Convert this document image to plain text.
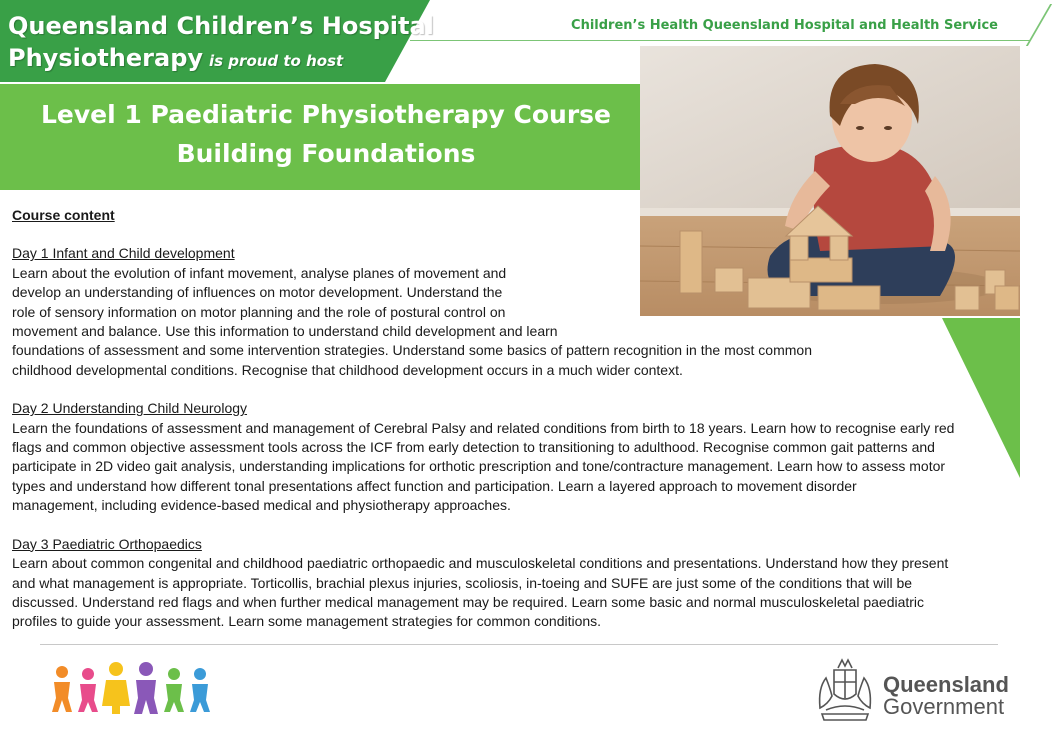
Queensland Children’s Hospital
Physiotherapy is proud to host
Children’s Health Queensland Hospital and Health Service
Level 1 Paediatric Physiotherapy Course
Building Foundations
Course content
Day 1 Infant and Child development
Learn about the evolution of infant movement, analyse planes of movement and
develop an understanding of influences on motor development. Understand the
role of sensory information on motor planning and the role of postural control on
movement and balance. Use this information to understand child development and learn
foundations of assessment and some intervention strategies. Understand some basics of pattern recognition in the most common
childhood developmental conditions. Recognise that childhood development occurs in a much wider context.
Day 2 Understanding Child Neurology
Learn the foundations of assessment and management of Cerebral Palsy and related conditions from birth to 18 years. Learn how to recognise early red
flags and common objective assessment tools across the ICF from early detection to transitioning to adulthood. Recognise common gait patterns and
participate in 2D video gait analysis, understanding implications for orthotic prescription and tone/contracture management. Learn how to assess motor
types and understand how different tonal presentations affect function and participation. Learn a layered approach to movement disorder
management, including evidence-based medical and physiotherapy approaches.
Day 3 Paediatric Orthopaedics
Learn about common congenital and childhood paediatric orthopaedic and musculoskeletal conditions and presentations. Understand how they present
and what management is appropriate. Torticollis, brachial plexus injuries, scoliosis, in-toeing and SUFE are just some of the conditions that will be
discussed. Understand red flags and when further medical management may be required. Learn some basic and normal musculoskeletal paediatric
profiles to guide your assessment. Learn some management strategies for common conditions.
Queensland
Government
